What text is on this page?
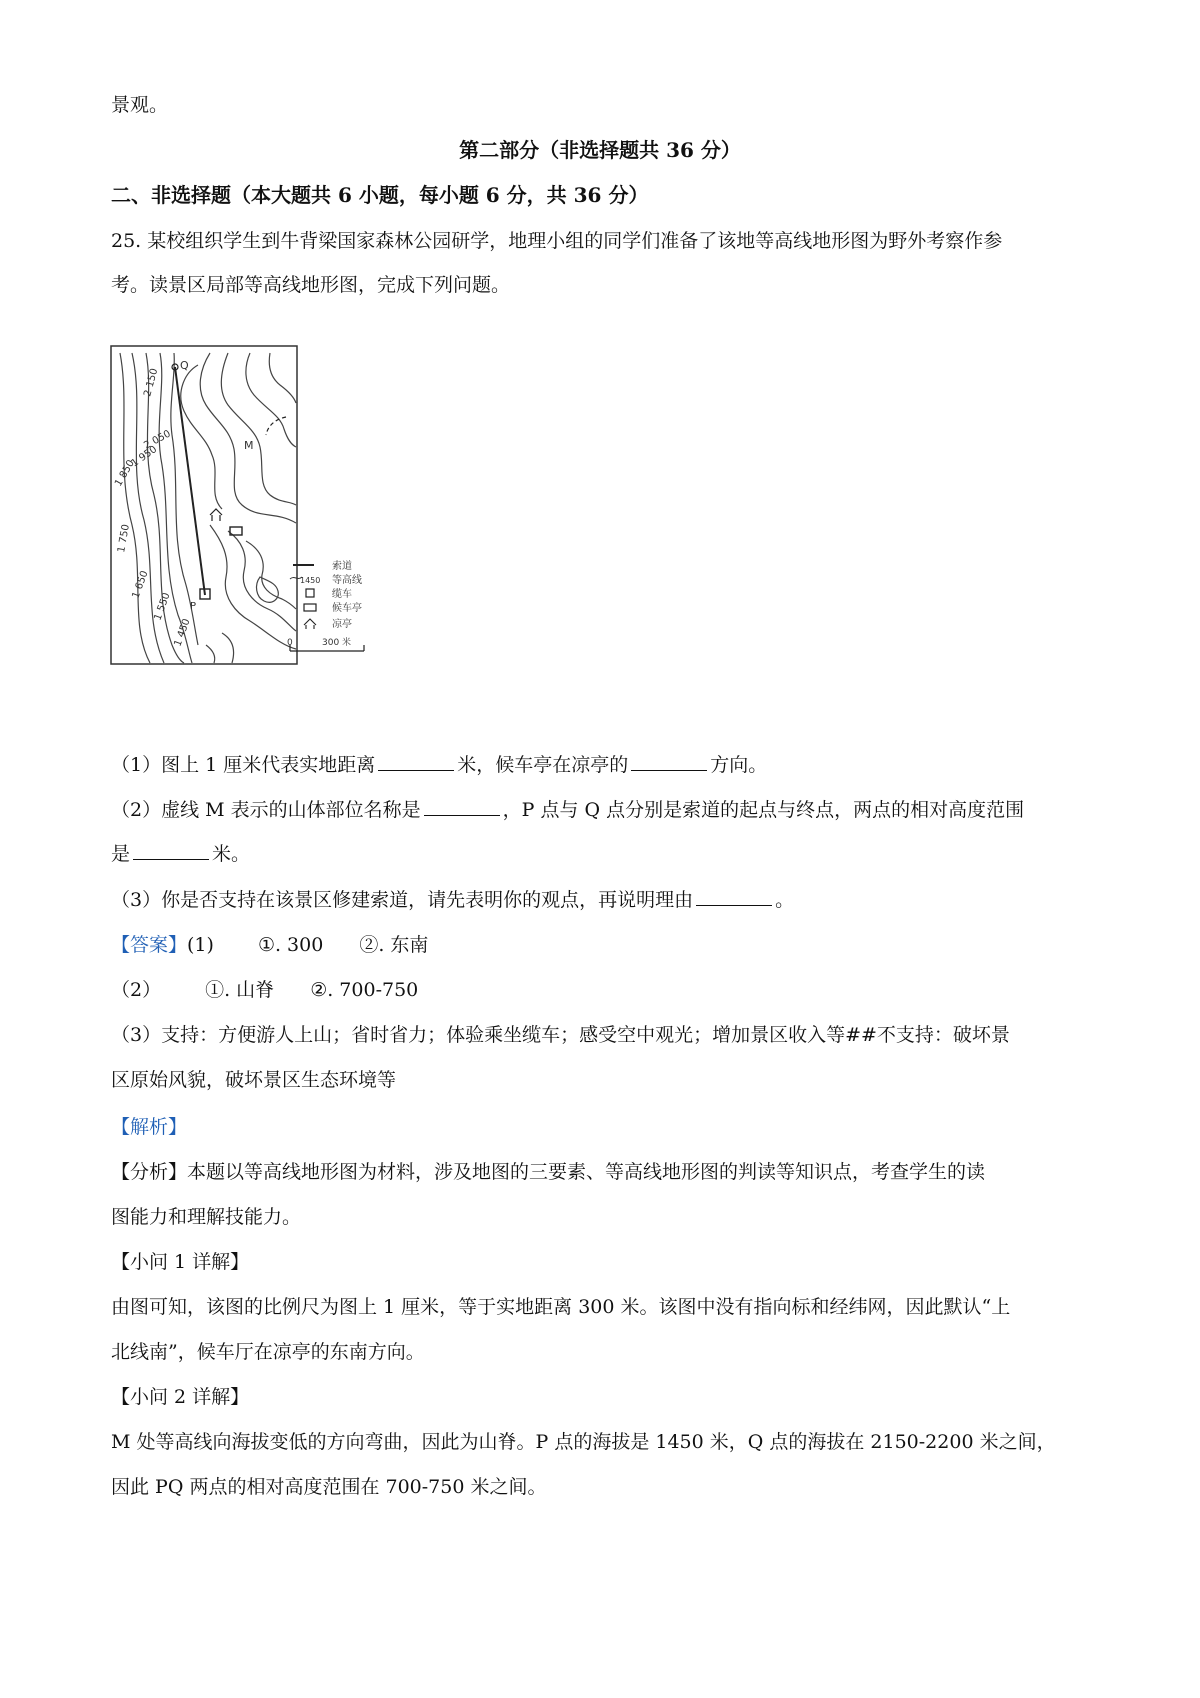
景观。
第二部分（非选择题共 36 分）
二、非选择题（本大题共 6 小题，每小题 6 分，共 36 分）
25. 某校组织学生到牛背梁国家森林公园研学，地理小组的同学们准备了该地等高线地形图为野外考察作参
考。读景区局部等高线地形图，完成下列问题。
2 150
2 050
1 950
1 850
1 750
1 650
1 550
1 450
M
Q
P
索道
1450 等高线
缆车
候车亭
凉亭
0	300 米
（1）图上 1 厘米代表实地距离	米，候车亭在凉亭的	方向。
（2）虚线 M 表示的山体部位名称是	，P 点与 Q 点分别是索道的起点与终点，两点的相对高度范围
是	米。
（3）你是否支持在该景区修建索道，请先表明你的观点，再说明理由	。
【答案】(1) ①. 300 ②. 东南
（2） ①. 山脊 ②. 700-750
（3）支持：方便游人上山；省时省力；体验乘坐缆车；感受空中观光；增加景区收入等##不支持：破坏景
区原始风貌，破坏景区生态环境等
【解析】
【分析】本题以等高线地形图为材料，涉及地图的三要素、等高线地形图的判读等知识点，考查学生的读
图能力和理解技能力。
【小问 1 详解】
由图可知，该图的比例尺为图上 1 厘米，等于实地距离 300 米。该图中没有指向标和经纬网，因此默认“上
北线南”，候车厅在凉亭的东南方向。
【小问 2 详解】
M 处等高线向海拔变低的方向弯曲，因此为山脊。P 点的海拔是 1450 米，Q 点的海拔在 2150-2200 米之间，
因此 PQ 两点的相对高度范围在 700-750 米之间。
